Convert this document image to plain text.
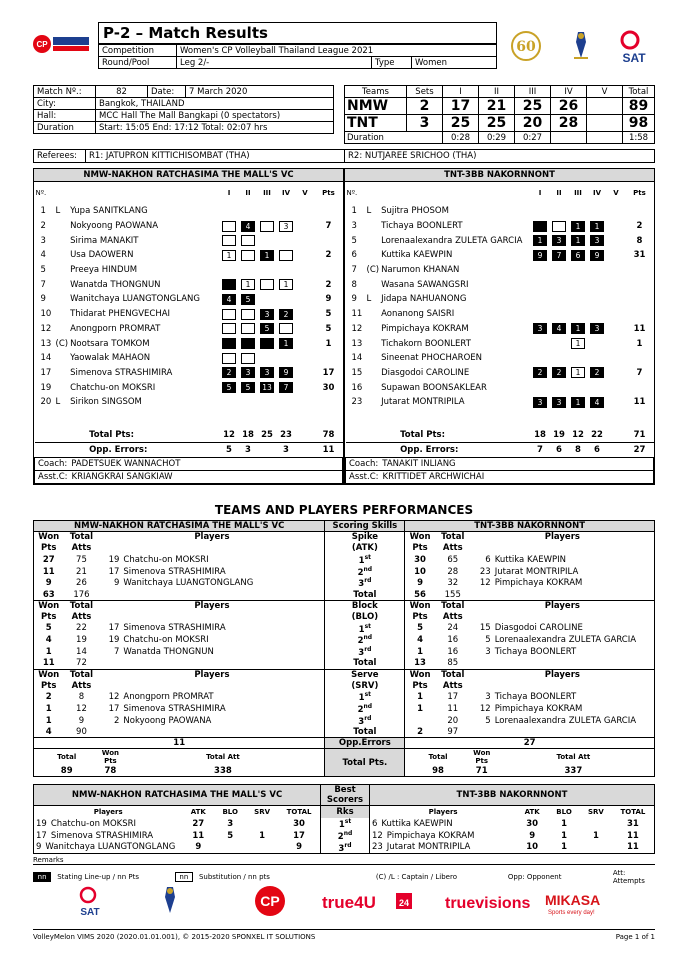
CP
P-2 – Match Results
Competition	Women's CP Volleyball Thailand League 2021		
Round/Pool	Leg 2/-	Type	Women
60
SAT
Match Nº.:	82	Date:	7 March 2020
City:	Bangkok, THAILAND		
Hall:	MCC Hall The Mall Bangkapi (0 spectators)		
Duration	Start: 15:05 End: 17:12 Total: 02:07 hrs		
Teams	Sets	I	II	III	IV	V	Total
NMW	2	17	21	25	26		89
TNT	3	25	25	20	28		98
Duration		0:28	0:29	0:27			1:58
Referees:	R1: JATUPRON KITTICHISOMBAT (THA)	R2: NUTJAREE SRICHOO (THA)
NMW-NAKHON RATCHASIMA THE MALL'S VC
Nº.			I	II	III	IV	V	Pts
1	L	Yupa SANITKLANG						
2		Nokyoong PAOWANA		4		3		7
3		Sirima MANAKIT						
4		Usa DAOWERN	1		1			2
5		Preeya HINDUM						
7		Wanatda THONGNUN		1		1		2
9		Wanitchaya LUANGTONGLANG	4	5				9
10		Thidarat PHENGVECHAI			3	2		5
12		Anongporn PROMRAT			5			5
13	(C)	Nootsara TOMKOM				1		1
14		Yaowalak MAHAON						
17		Simenova STRASHIMIRA	2	3	3	9		17
19		Chatchu-on MOKSRI	5	5	13	7		30
20	L	Sirikon SINGSOM						

		Total Pts:	12	18	25	23		78
		Opp. Errors:	5	3		3		11
Coach: PADETSUEK WANNACHOT								
Asst.C: KRIANGKRAI SANGKIAW								
TNT-3BB NAKORNNONT
Nº.			I	II	III	IV	V	Pts
1	L	Sujitra PHOSOM						
3		Tichaya BOONLERT			1	1		2
5		Lorenaalexandra ZULETA GARCIA	1	3	1	3		8
6		Kuttika KAEWPIN	9	7	6	9		31
7	(C)	Narumon KHANAN						
8		Wasana SAWANGSRI						
9	L	Jidapa NAHUANONG						
11		Aonanong SAISRI						
12		Pimpichaya KOKRAM	3	4	1	3		11
13		Tichakorn BOONLERT			1			1
14		Sineenat PHOCHAROEN						
15		Diasgodoi CAROLINE	2	2	1	2		7
16		Supawan BOONSAKLEAR						
23		Jutarat MONTRIPILA	3	3	1	4		11

		Total Pts:	18	19	12	22		71
		Opp. Errors:	7	6	8	6		27
Coach: TANAKIT INLIANG								
Asst.C: KRITTIDET ARCHWICHAI								
TEAMS AND PLAYERS PERFORMANCES
NMW-NAKHON RATCHASIMA THE MALL'S VC				Scoring Skills	TNT-3BB NAKORNNONT			
Won	Total	Players		Spike	Won	Total	Players	
Pts	Atts			(ATK)	Pts	Atts		
27	75	19	Chatchu-on MOKSRI	1st	30	65	6	Kuttika KAEWPIN
11	21	17	Simenova STRASHIMIRA	2nd	10	28	23	Jutarat MONTRIPILA
9	26	9	Wanitchaya LUANGTONGLANG	3rd	9	32	12	Pimpichaya KOKRAM
63	176			Total	56	155		
Won	Total	Players		Block	Won	Total	Players	
Pts	Atts			(BLO)	Pts	Atts		
5	22	17	Simenova STRASHIMIRA	1st	5	24	15	Diasgodoi CAROLINE
4	19	19	Chatchu-on MOKSRI	2nd	4	16	5	Lorenaalexandra ZULETA GARCIA
1	14	7	Wanatda THONGNUN	3rd	1	16	3	Tichaya BOONLERT
11	72			Total	13	85		
Won	Total	Players		Serve	Won	Total	Players	
Pts	Atts			(SRV)	Pts	Atts		
2	8	12	Anongporn PROMRAT	1st	1	17	3	Tichaya BOONLERT
1	12	17	Simenova STRASHIMIRA	2nd	1	11	12	Pimpichaya KOKRAM
1	9	2	Nokyoong PAOWANA	3rd		20	5	Lorenaalexandra ZULETA GARCIA
4	90			Total	2	97		
11				Opp.Errors	27			
Total		Won Pts	Total Att	Total Pts.	Total		Won Pts	Total Att
89		78	338		98		71	337
NMW-NAKHON RATCHASIMA THE MALL'S VC					Best Scorers	TNT-3BB NAKORNNONT				
Players	ATK	BLO	SRV	TOTAL	Rks	Players	ATK	BLO	SRV	TOTAL
19 Chatchu-on MOKSRI	27	3		30	1st	6 Kuttika KAEWPIN	30	1		31
17 Simenova STRASHIMIRA	11	5	1	17	2nd	12 Pimpichaya KOKRAM	9	1	1	11
9 Wanitchaya LUANGTONGLANG	9			9	3rd	23 Jutarat MONTRIPILA	10	1		11
Remarks
nn	Stating Line-up / nn Pts	nn	Substitution / nn pts	(C) /L : Captain / Libero	Opp: Opponent	Att: Attempts
SAT
CP true4U	24 truevisions MIKASA
Sports every day!
VolleyMelon VIMS 2020 (2020.01.01.001), © 2015-2020 SPONXEL IT SOLUTIONS	Page 1 of 1
